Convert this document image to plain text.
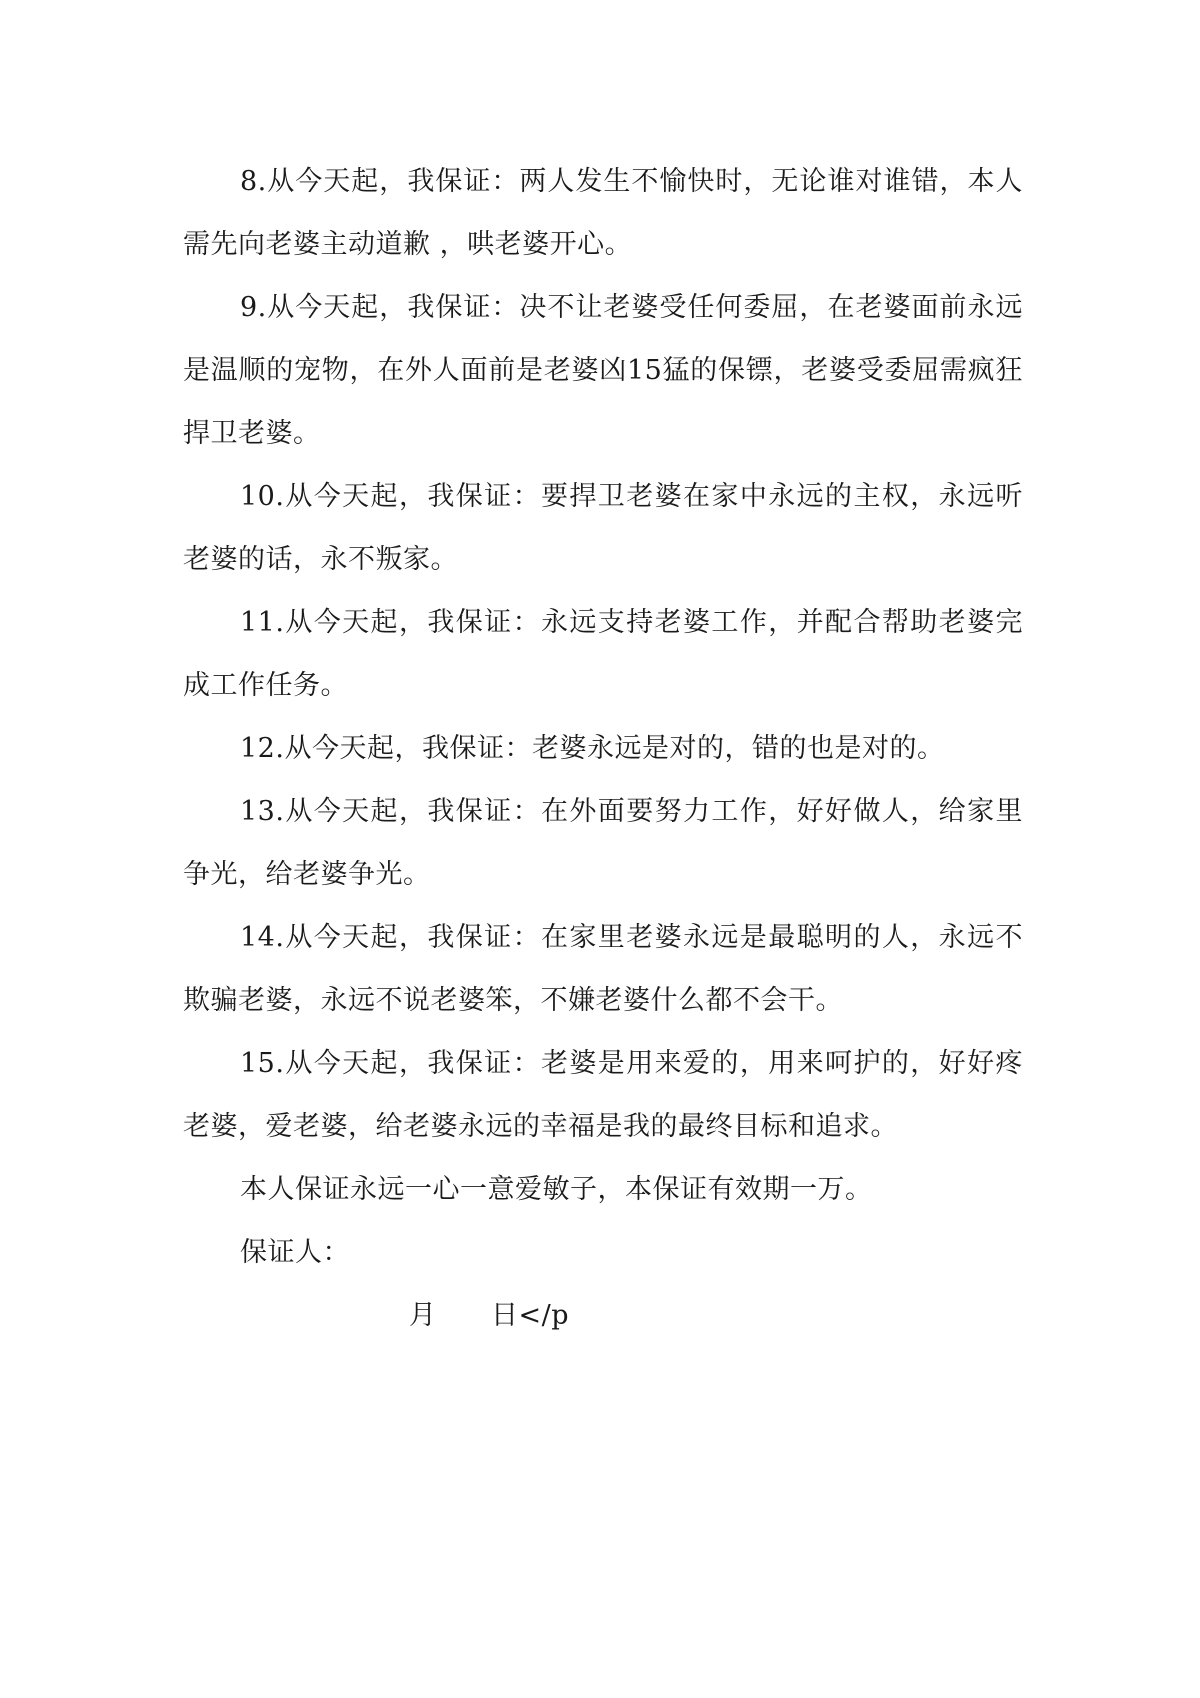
8.从今天起，我保证：两人发生不愉快时，无论谁对谁错，本人需先向老婆主动道歉 ，哄老婆开心。

9.从今天起，我保证：决不让老婆受任何委屈，在老婆面前永远是温顺的宠物，在外人面前是老婆凶15猛的保镖，老婆受委屈需疯狂捍卫老婆。

10.从今天起，我保证：要捍卫老婆在家中永远的主权，永远听老婆的话，永不叛家。

11.从今天起，我保证：永远支持老婆工作，并配合帮助老婆完成工作任务。

12.从今天起，我保证：老婆永远是对的，错的也是对的。

13.从今天起，我保证：在外面要努力工作，好好做人，给家里争光，给老婆争光。

14.从今天起，我保证：在家里老婆永远是最聪明的人，永远不欺骗老婆，永远不说老婆笨，不嫌老婆什么都不会干。

15.从今天起，我保证：老婆是用来爱的，用来呵护的，好好疼老婆，爱老婆，给老婆永远的幸福是我的最终目标和追求。

本人保证永远一心一意爱敏子，本保证有效期一万。

保证人：

月      日</p
